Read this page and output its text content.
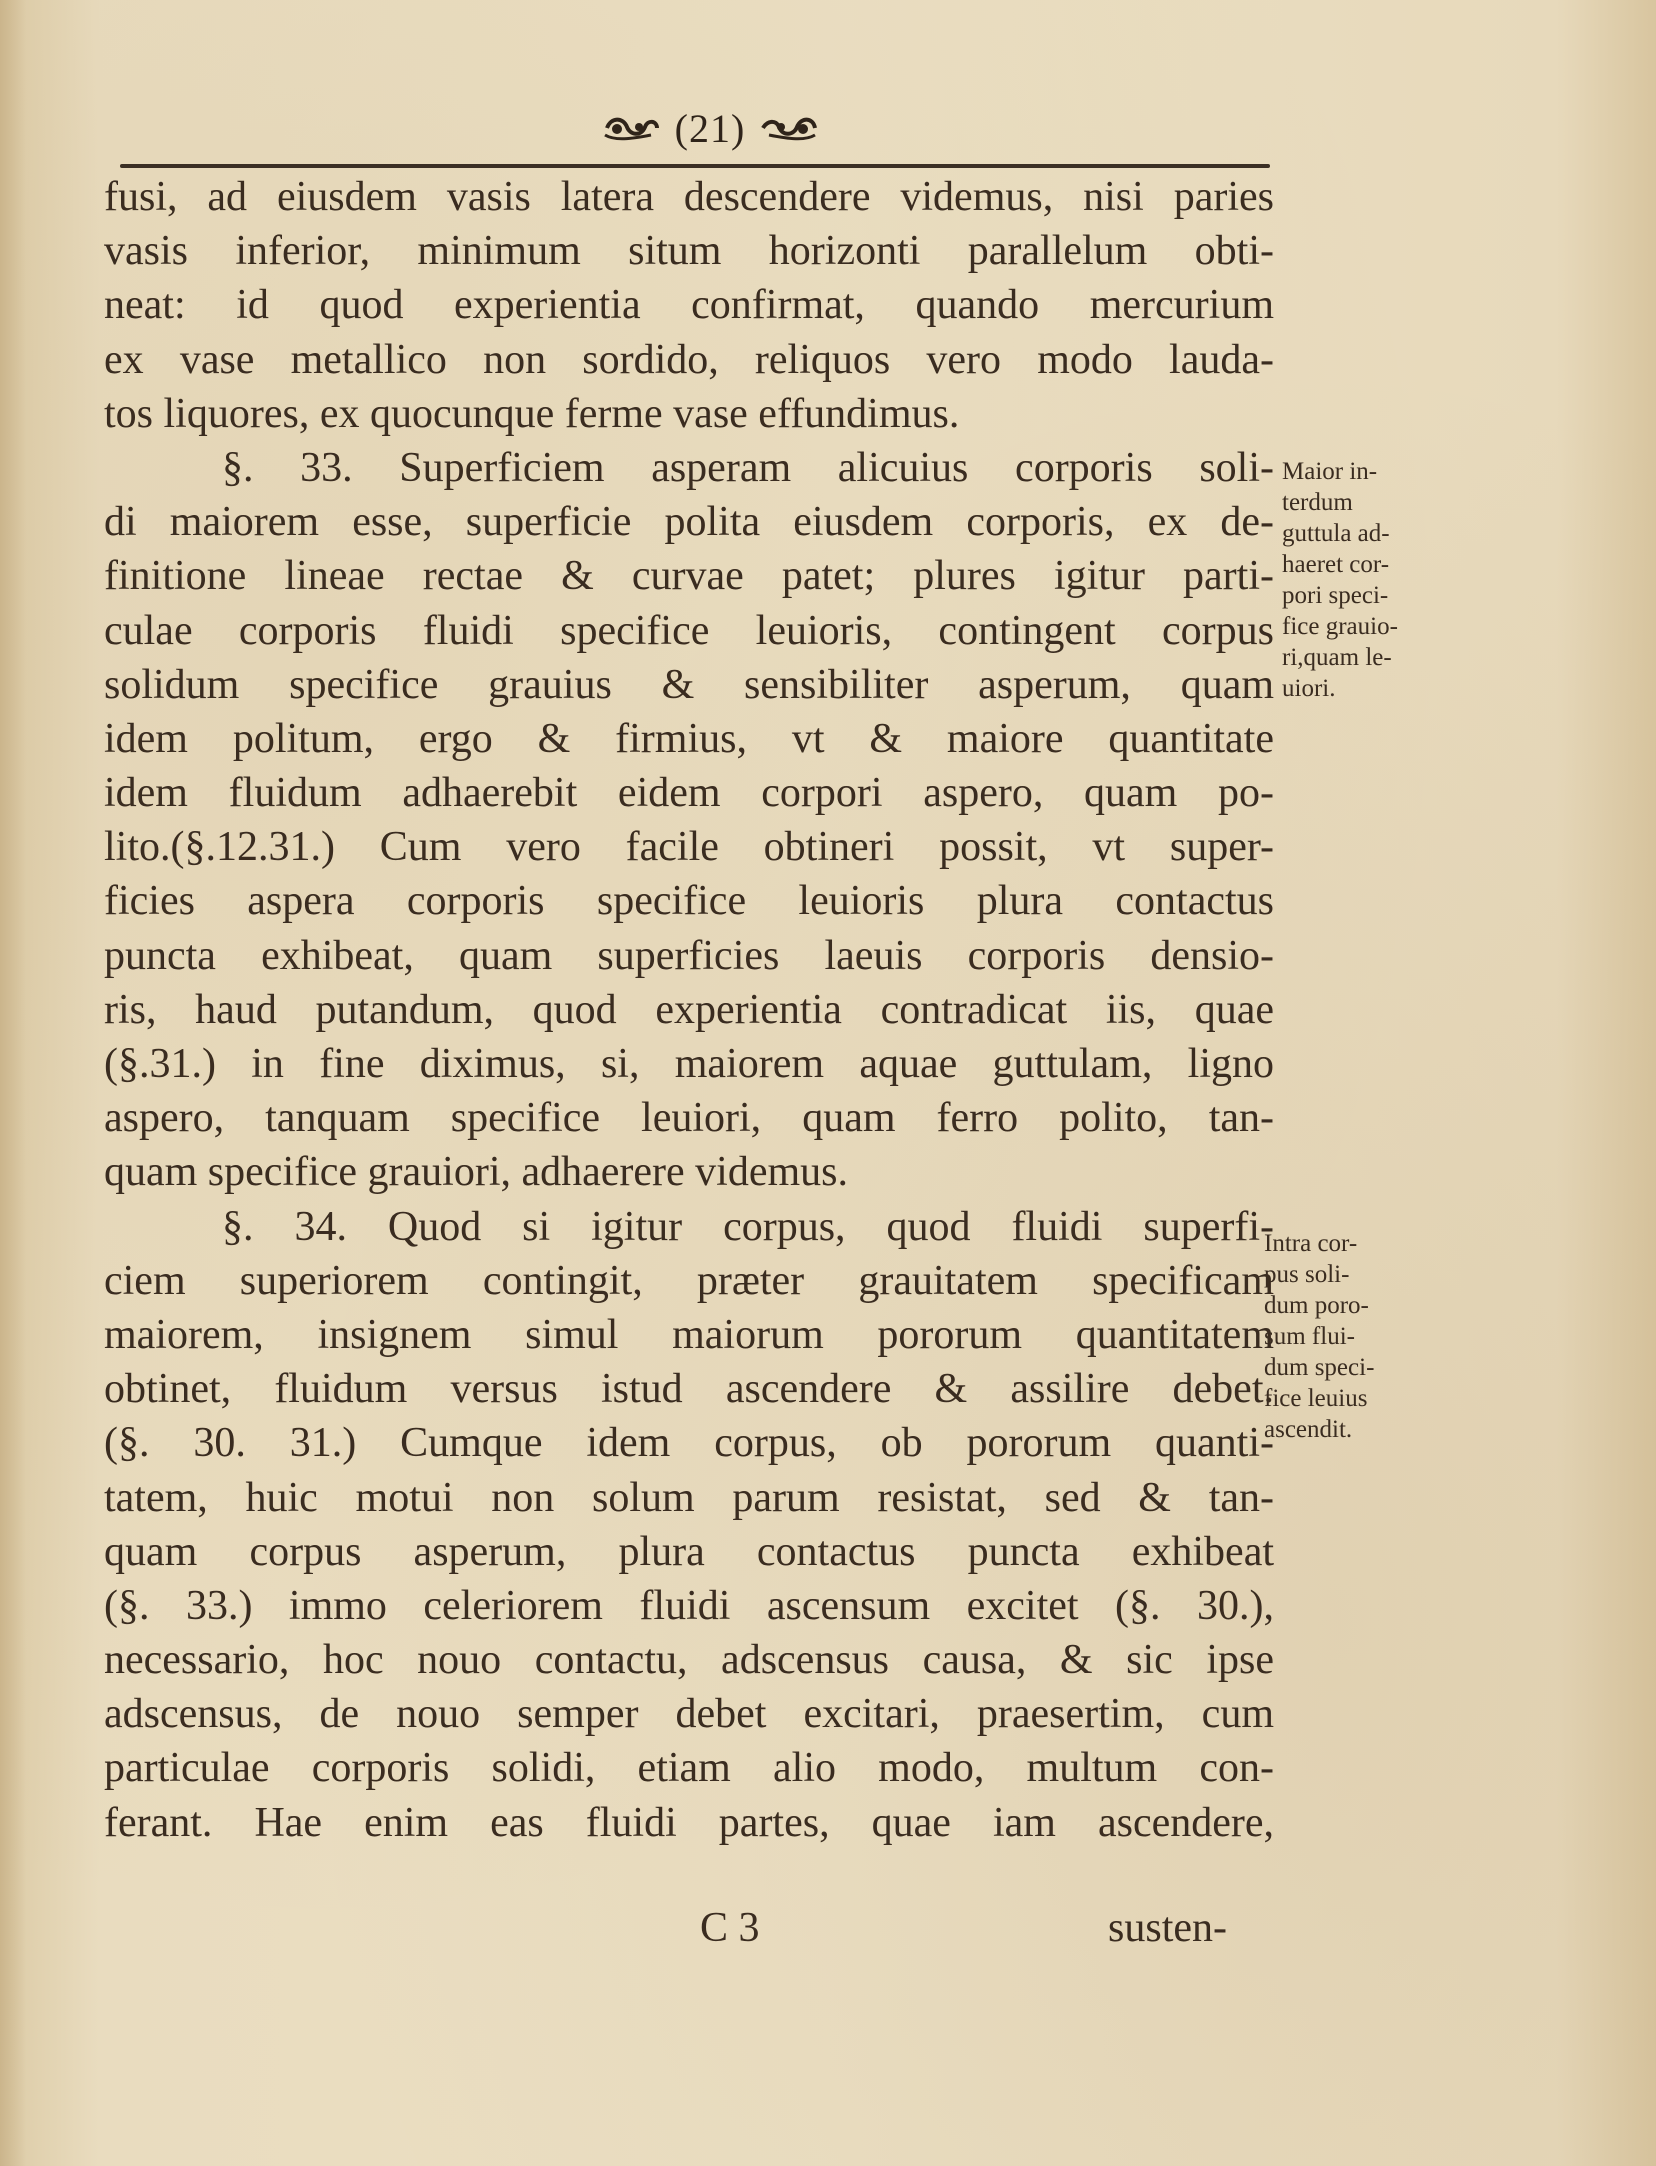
(21)
fusi, ad eiusdem vasis latera descendere videmus, nisi paries
vasis inferior, minimum situm horizonti parallelum obti-
neat: id quod experientia confirmat, quando mercurium
ex vase metallico non sordido, reliquos vero modo lauda-
tos liquores, ex quocunque ferme vase effundimus.
§. 33. Superficiem asperam alicuius corporis soli-
di maiorem esse, superficie polita eiusdem corporis, ex de-
finitione lineae rectae & curvae patet; plures igitur parti-
culae corporis fluidi specifice leuioris, contingent corpus
solidum specifice grauius & sensibiliter asperum, quam
idem politum, ergo & firmius, vt & maiore quantitate
idem fluidum adhaerebit eidem corpori aspero, quam po-
lito.(§.12.31.) Cum vero facile obtineri possit, vt super-
ficies aspera corporis specifice leuioris plura contactus
puncta exhibeat, quam superficies laeuis corporis densio-
ris, haud putandum, quod experientia contradicat iis, quae
(§.31.) in fine diximus, si, maiorem aquae guttulam, ligno
aspero, tanquam specifice leuiori, quam ferro polito, tan-
quam specifice grauiori, adhaerere videmus.
§. 34. Quod si igitur corpus, quod fluidi superfi-
ciem superiorem contingit, præter grauitatem specificam
maiorem, insignem simul maiorum pororum quantitatem
obtinet, fluidum versus istud ascendere & assilire debet.
(§. 30. 31.) Cumque idem corpus, ob pororum quanti-
tatem, huic motui non solum parum resistat, sed & tan-
quam corpus asperum, plura contactus puncta exhibeat
(§. 33.) immo celeriorem fluidi ascensum excitet (§. 30.),
necessario, hoc nouo contactu, adscensus causa, & sic ipse
adscensus, de nouo semper debet excitari, praesertim, cum
particulae corporis solidi, etiam alio modo, multum con-
ferant. Hae enim eas fluidi partes, quae iam ascendere,
Maior in-
terdum
guttula ad-
haeret cor-
pori speci-
fice grauio-
ri,quam le-
uiori.
Intra cor-
pus soli-
dum poro-
sum flui-
dum speci-
fice leuius
ascendit.
C 3	susten-
